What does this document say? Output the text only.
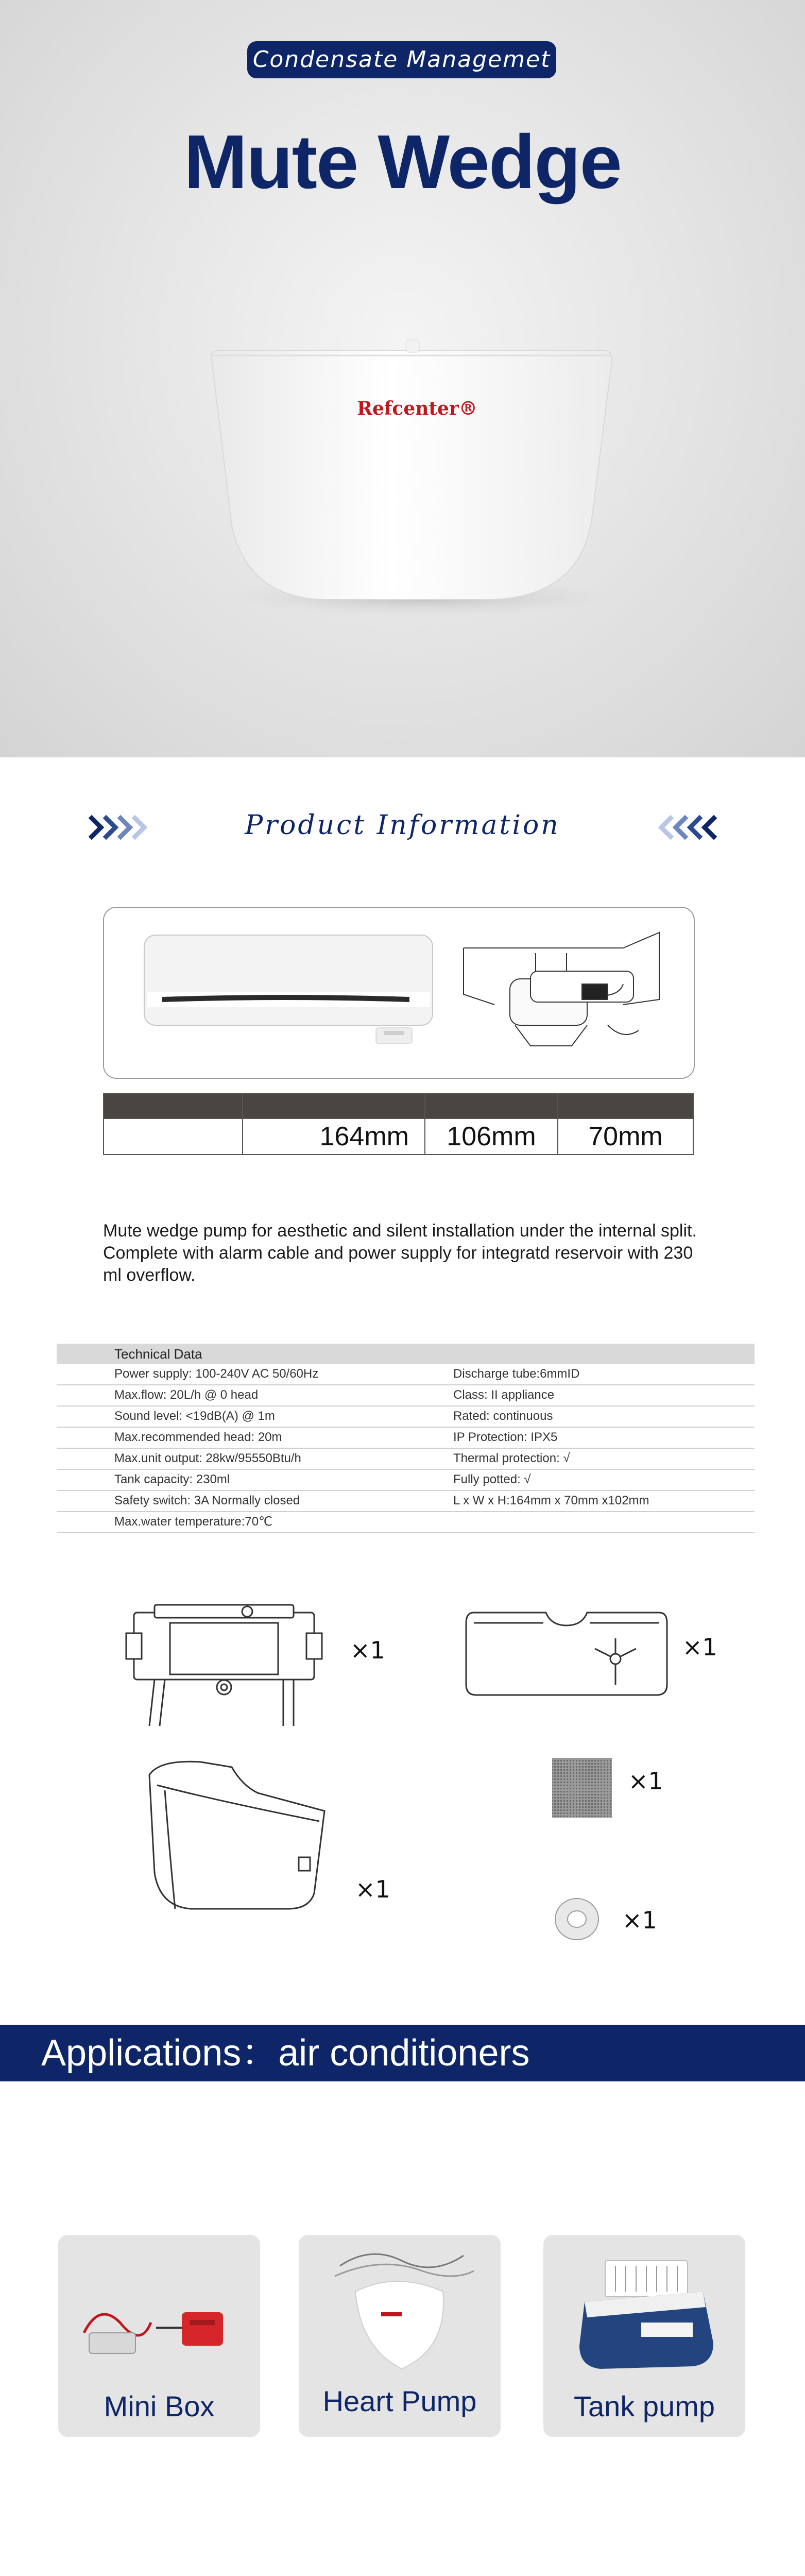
Condensate Managemet
Mute Wedge
Refcenter®
Product Information

	164mm	106mm	70mm
Mute wedge pump for aesthetic and silent installation under the internal split. Complete with alarm cable and power supply for integratd reservoir with 230 ml overflow.
Technical Data
Power supply: 100-240V AC 50/60Hz	Discharge tube:6mmID
Max.flow: 20L/h @ 0 head	Class: II appliance
Sound level: <19dB(A) @ 1m	Rated: continuous
Max.recommended head: 20m	IP Protection: IPX5
Max.unit output: 28kw/95550Btu/h	Thermal protection: √
Tank capacity: 230ml	Fully potted: √
Safety switch: 3A Normally closed	L x W x H:164mm x 70mm x102mm
Max.water temperature:70℃
×1	×1
×1
×1
×1
Applications：air conditioners
Mini Box	Heart Pump	Tank pump
